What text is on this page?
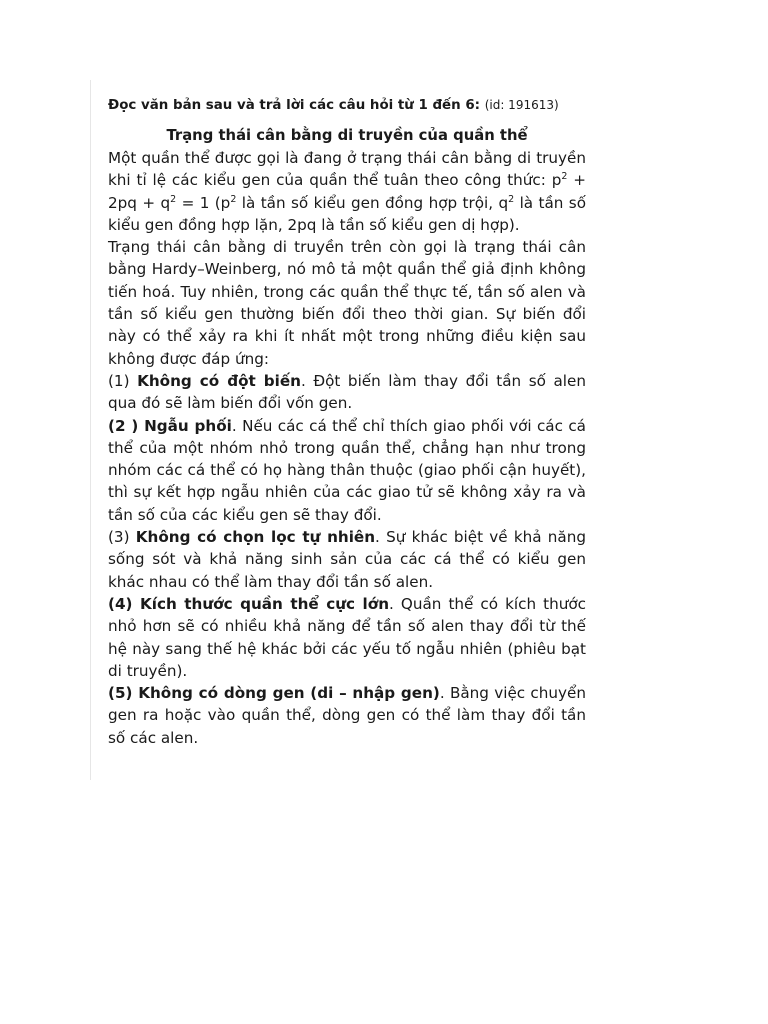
Đọc văn bản sau và trả lời các câu hỏi từ 1 đến 6: (id: 191613)

Trạng thái cân bằng di truyền của quần thể

Một quần thể được gọi là đang ở trạng thái cân bằng di truyền khi tỉ lệ các kiểu gen của quần thể tuân theo công thức: $p^2 + 2pq + q^2 = 1$ ($p^2$ là tần số kiểu gen đồng hợp trội, $q^2$ là tần số kiểu gen đồng hợp lặn, 2pq là tần số kiểu gen dị hợp).

Trạng thái cân bằng di truyền trên còn gọi là trạng thái cân bằng Hardy–Weinberg, nó mô tả một quần thể giả định không tiến hoá. Tuy nhiên, trong các quần thể thực tế, tần số alen và tần số kiểu gen thường biến đổi theo thời gian. Sự biến đổi này có thể xảy ra khi ít nhất một trong những điều kiện sau không được đáp ứng:

(1) Không có đột biến. Đột biến làm thay đổi tần số alen qua đó sẽ làm biến đổi vốn gen.

(2 ) Ngẫu phối. Nếu các cá thể chỉ thích giao phối với các cá thể của một nhóm nhỏ trong quần thể, chẳng hạn như trong nhóm các cá thể có họ hàng thân thuộc (giao phối cận huyết), thì sự kết hợp ngẫu nhiên của các giao tử sẽ không xảy ra và tần số của các kiểu gen sẽ thay đổi.

(3) Không có chọn lọc tự nhiên. Sự khác biệt về khả năng sống sót và khả năng sinh sản của các cá thể có kiểu gen khác nhau có thể làm thay đổi tần số alen.

(4) Kích thước quần thể cực lớn. Quần thể có kích thước nhỏ hơn sẽ có nhiều khả năng để tần số alen thay đổi từ thế hệ này sang thế hệ khác bởi các yếu tố ngẫu nhiên (phiêu bạt di truyền).

(5) Không có dòng gen (di – nhập gen). Bằng việc chuyển gen ra hoặc vào quần thể, dòng gen có thể làm thay đổi tần số các alen.
